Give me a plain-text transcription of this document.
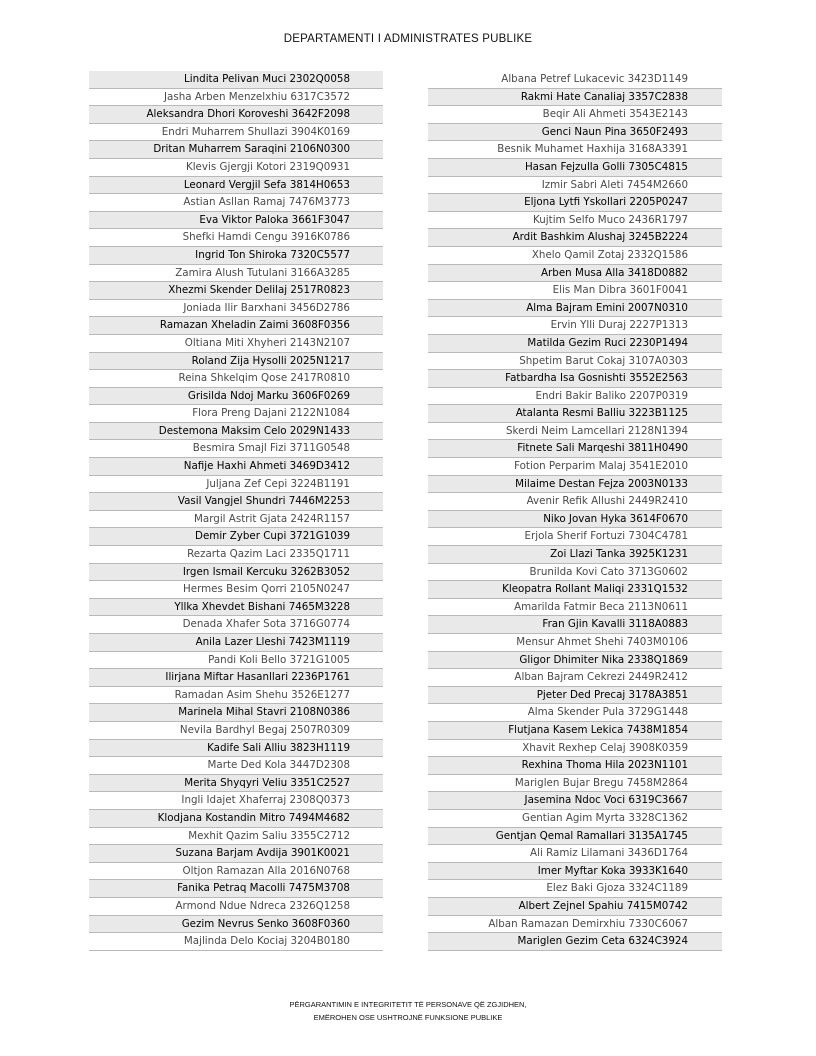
DEPARTAMENTI I ADMINISTRATES PUBLIKE
Lindita Pelivan Muci 2302Q0058
Jasha Arben Menzelxhiu 6317C3572
Aleksandra Dhori Koroveshi 3642F2098
Endri Muharrem Shullazi 3904K0169
Dritan Muharrem Saraqini 2106N0300
Klevis Gjergji Kotori 2319Q0931
Leonard Vergjil Sefa 3814H0653
Astian Asllan Ramaj 7476M3773
Eva Viktor Paloka 3661F3047
Shefki Hamdi Cengu 3916K0786
Ingrid Ton Shiroka 7320C5577
Zamira Alush Tutulani 3166A3285
Xhezmi Skender Delilaj 2517R0823
Joniada Ilir Barxhani 3456D2786
Ramazan Xheladin Zaimi 3608F0356
Oltiana Miti Xhyheri 2143N2107
Roland Zija Hysolli 2025N1217
Reina Shkelqim Qose 2417R0810
Grisilda Ndoj Marku 3606F0269
Flora Preng Dajani 2122N1084
Destemona Maksim Celo 2029N1433
Besmira Smajl Fizi 3711G0548
Nafije Haxhi Ahmeti 3469D3412
Juljana Zef Cepi 3224B1191
Vasil Vangjel Shundri 7446M2253
Margil Astrit Gjata 2424R1157
Demir Zyber Cupi 3721G1039
Rezarta Qazim Laci 2335Q1711
Irgen Ismail Kercuku 3262B3052
Hermes Besim Qorri 2105N0247
Yllka Xhevdet Bishani 7465M3228
Denada Xhafer Sota 3716G0774
Anila Lazer Lleshi 7423M1119
Pandi Koli Bello 3721G1005
Ilirjana Miftar Hasanllari 2236P1761
Ramadan Asim Shehu 3526E1277
Marinela Mihal Stavri 2108N0386
Nevila Bardhyl Begaj 2507R0309
Kadife Sali Alliu 3823H1119
Marte Ded Kola 3447D2308
Merita Shyqyri Veliu 3351C2527
Ingli Idajet Xhaferraj 2308Q0373
Klodjana Kostandin Mitro 7494M4682
Mexhit Qazim Saliu 3355C2712
Suzana Barjam Avdija 3901K0021
Oltjon Ramazan Alla 2016N0768
Fanika Petraq Macolli 7475M3708
Armond Ndue Ndreca 2326Q1258
Gezim Nevrus Senko 3608F0360
Majlinda Delo Kociaj 3204B0180
Albana Petref Lukacevic 3423D1149
Rakmi Hate Canaliaj 3357C2838
Beqir Ali Ahmeti 3543E2143
Genci Naun Pina 3650F2493
Besnik Muhamet Haxhija 3168A3391
Hasan Fejzulla Golli 7305C4815
Izmir Sabri Aleti 7454M2660
Eljona Lytfi Yskollari 2205P0247
Kujtim Selfo Muco 2436R1797
Ardit Bashkim Alushaj 3245B2224
Xhelo Qamil Zotaj 2332Q1586
Arben Musa Alla 3418D0882
Elis Man Dibra 3601F0041
Alma Bajram Emini 2007N0310
Ervin Ylli Duraj 2227P1313
Matilda Gezim Ruci 2230P1494
Shpetim Barut Cokaj 3107A0303
Fatbardha Isa Gosnishti 3552E2563
Endri Bakir Baliko 2207P0319
Atalanta Resmi Balliu 3223B1125
Skerdi Neim Lamcellari 2128N1394
Fitnete Sali Marqeshi 3811H0490
Fotion Perparim Malaj 3541E2010
Milaime Destan Fejza 2003N0133
Avenir Refik Allushi 2449R2410
Niko Jovan Hyka 3614F0670
Erjola Sherif Fortuzi 7304C4781
Zoi Llazi Tanka 3925K1231
Brunilda Kovi Cato 3713G0602
Kleopatra Rollant Maliqi 2331Q1532
Amarilda Fatmir Beca 2113N0611
Fran Gjin Kavalli 3118A0883
Mensur Ahmet Shehi 7403M0106
Gligor Dhimiter Nika 2338Q1869
Alban Bajram Cekrezi 2449R2412
Pjeter Ded Precaj 3178A3851
Alma Skender Pula 3729G1448
Flutjana Kasem Lekica 7438M1854
Xhavit Rexhep Celaj 3908K0359
Rexhina Thoma Hila 2023N1101
Mariglen Bujar Bregu 7458M2864
Jasemina Ndoc Voci 6319C3667
Gentian Agim Myrta 3328C1362
Gentjan Qemal Ramallari 3135A1745
Ali Ramiz Lilamani 3436D1764
Imer Myftar Koka 3933K1640
Elez Baki Gjoza 3324C1189
Albert Zejnel Spahiu 7415M0742
Alban Ramazan Demirxhiu 7330C6067
Mariglen Gezim Ceta 6324C3924
PËRGARANTIMIN E INTEGRITETIT TË PERSONAVE QË ZGJIDHEN,
EMËROHEN OSE USHTROJNË FUNKSIONE PUBLIKE
